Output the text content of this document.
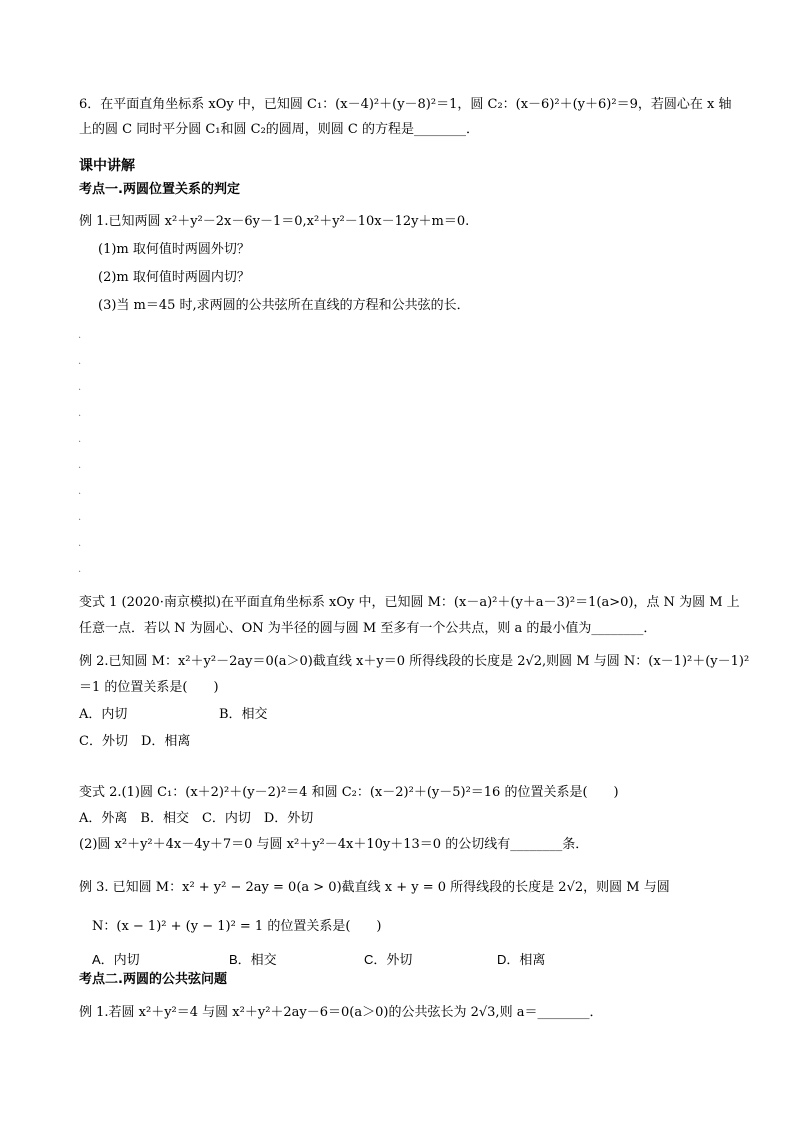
6．在平面直角坐标系 xOy 中，已知圆 C₁：(x－4)²＋(y－8)²＝1，圆 C₂：(x－6)²＋(y＋6)²＝9，若圆心在 x 轴
上的圆 C 同时平分圆 C₁和圆 C₂的圆周，则圆 C 的方程是________．
课中讲解
考点一.两圆位置关系的判定
例 1.已知两圆 x²＋y²－2x－6y－1＝0,x²＋y²－10x－12y＋m＝0.
(1)m 取何值时两圆外切？
(2)m 取何值时两圆内切？
(3)当 m＝45 时,求两圆的公共弦所在直线的方程和公共弦的长．
.
.
.
.
.
.
.
.
.
.
变式 1 (2020·南京模拟)在平面直角坐标系 xOy 中，已知圆 M：(x－a)²＋(y＋a－3)²＝1(a>0)，点 N 为圆 M 上
任意一点．若以 N 为圆心、ON 为半径的圆与圆 M 至多有一个公共点，则 a 的最小值为________．
例 2.已知圆 M：x²＋y²－2ay＝0(a＞0)截直线 x＋y＝0 所得线段的长度是 2√2,则圆 M 与圆 N：(x－1)²＋(y－1)²
＝1 的位置关系是(　　)
A．内切	B．相交
C．外切　D．相离
变式 2.(1)圆 C₁：(x＋2)²＋(y－2)²＝4 和圆 C₂：(x－2)²＋(y－5)²＝16 的位置关系是(　　)
A．外离　B．相交　C．内切　D．外切
(2)圆 x²＋y²＋4x－4y＋7＝0 与圆 x²＋y²－4x＋10y＋13＝0 的公切线有________条．
例 3. 已知圆 M：x² + y² − 2ay = 0(a > 0)截直线 x + y = 0 所得线段的长度是 2√2，则圆 M 与圆
N：(x − 1)² + (y − 1)² = 1 的位置关系是(　　)
A．内切	B．相交	C．外切	D．相离
考点二.两圆的公共弦问题
例 1.若圆 x²＋y²＝4 与圆 x²＋y²＋2ay－6＝0(a＞0)的公共弦长为 2√3,则 a＝________．
